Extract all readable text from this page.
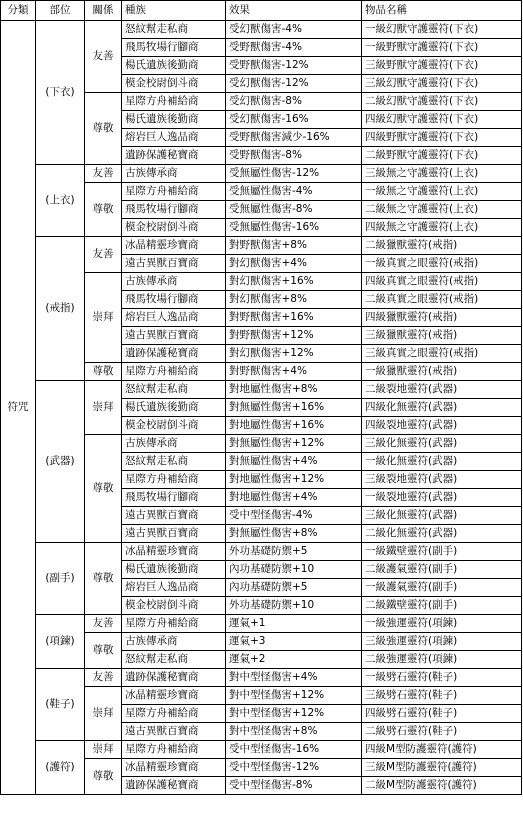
分類	部位	關係	種族	效果	物品名稱
符咒	(下衣)	友善	怒紋幫走私商	受幻獸傷害-4%	一級幻獸守護靈符(下衣)
			飛馬牧場行腳商	受野獸傷害-4%	一級野獸守護靈符(下衣)
			楊氏遺族後勤商	受野獸傷害-12%	三級野獸守護靈符(下衣)
			模金校尉倒斗商	受幻獸傷害-12%	三級幻獸守護靈符(下衣)
		尊敬	星際方舟補給商	受幻獸傷害-8%	二級幻獸守護靈符(下衣)
			楊氏遺族後勤商	受幻獸傷害-16%	四級幻獸守護靈符(下衣)
			熔岩巨人逸品商	受野獸傷害減少-16%	四級野獸守護靈符(下衣)
			遺跡保護秘寶商	受野獸傷害-8%	二級野獸守護靈符(下衣)
	(上衣)	友善	古族傳承商	受無屬性傷害-12%	三級無之守護靈符(上衣)
		尊敬	星際方舟補給商	受無屬性傷害-4%	一級無之守護靈符(上衣)
			飛馬牧場行腳商	受無屬性傷害-8%	二級無之守護靈符(上衣)
			模金校尉倒斗商	受無屬性傷害-16%	四級無之守護靈符(上衣)
	(戒指)	友善	冰晶精靈珍寶商	對野獸傷害+8%	二級獵獸靈符(戒指)
			遠古異獸百寶商	對幻獸傷害+4%	一級真實之眼靈符(戒指)
		崇拜	古族傳承商	對幻獸傷害+16%	四級真實之眼靈符(戒指)
			飛馬牧場行腳商	對幻獸傷害+8%	二級真實之眼靈符(戒指)
			熔岩巨人逸品商	對野獸傷害+16%	四級獵獸靈符(戒指)
			遠古異獸百寶商	對野獸傷害+12%	三級獵獸靈符(戒指)
			遺跡保護秘寶商	對幻獸傷害+12%	三級真實之眼靈符(戒指)
		尊敬	星際方舟補給商	對野獸傷害+4%	一級獵獸靈符(戒指)
	(武器)	崇拜	怒紋幫走私商	對地屬性傷害+8%	二級裂地靈符(武器)
			楊氏遺族後勤商	對無屬性傷害+16%	四級化無靈符(武器)
			模金校尉倒斗商	對地屬性傷害+16%	四級裂地靈符(武器)
		尊敬	古族傳承商	對無屬性傷害+12%	三級化無靈符(武器)
			怒紋幫走私商	對無屬性傷害+4%	一級化無靈符(武器)
			星際方舟補給商	對地屬性傷害+12%	三級裂地靈符(武器)
			飛馬牧場行腳商	對地屬性傷害+4%	一級裂地靈符(武器)
			遠古異獸百寶商	受中型怪傷害-4%	三級化無靈符(武器)
			遠古異獸百寶商	對無屬性傷害+8%	二級化無靈符(武器)
	(副手)	尊敬	冰晶精靈珍寶商	外功基礎防禦+5	一級鐵壁靈符(副手)
			楊氏遺族後勤商	內功基礎防禦+10	二級護氣靈符(副手)
			熔岩巨人逸品商	內功基礎防禦+5	一級護氣靈符(副手)
			模金校尉倒斗商	外功基礎防禦+10	二級鐵壁靈符(副手)
	(項鍊)	友善	星際方舟補給商	運氣+1	一級強運靈符(項鍊)
		尊敬	古族傳承商	運氣+3	三級強運靈符(項鍊)
			怒紋幫走私商	運氣+2	二級強運靈符(項鍊)
	(鞋子)	友善	遺跡保護秘寶商	對中型怪傷害+4%	一級劈石靈符(鞋子)
		崇拜	冰晶精靈珍寶商	對中型怪傷害+12%	三級劈石靈符(鞋子)
			星際方舟補給商	對中型怪傷害+12%	四級劈石靈符(鞋子)
			遠古異獸百寶商	對中型怪傷害+8%	二級劈石靈符(鞋子)
	(護符)	崇拜	星際方舟補給商	受中型怪傷害-16%	四級M型防護靈符(護符)
		尊敬	冰晶精靈珍寶商	受中型怪傷害-12%	三級M型防護靈符(護符)
			遺跡保護秘寶商	受中型怪傷害-8%	二級M型防護靈符(護符)
